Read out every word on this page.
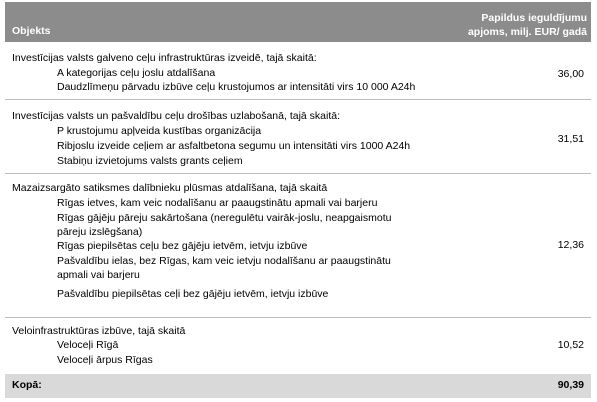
Objekts
Papildus ieguldījumu
apjoms, milj. EUR/ gadā
Investīcijas valsts galveno ceļu infrastruktūras izveidē, tajā skaitā:
A kategorijas ceļu joslu atdalīšana
Daudzlīmeņu pārvadu izbūve ceļu krustojumos ar intensitāti virs 10 000 A24h
36,00
Investīcijas valsts un pašvaldību ceļu drošības uzlabošanā, tajā skaitā:
P krustojumu apļveida kustības organizācija
Ribjoslu izveide ceļiem ar asfaltbetona segumu un intensitāti virs 1000 A24h
Stabiņu izvietojums valsts grants ceļiem
31,51
Mazaizsargāto satiksmes dalībnieku plūsmas atdalīšana, tajā skaitā
Rīgas ietves, kam veic nodalīšanu ar paaugstinātu apmali vai barjeru
Rīgas gājēju pāreju sakārtošana (neregulētu vairāk-joslu, neapgaismotu
pāreju izslēgšana)
Rīgas piepilsētas ceļu bez gājēju ietvēm, ietvju izbūve
Pašvaldību ielas, bez Rīgas, kam veic ietvju nodalīšanu ar paaugstinātu
apmali vai barjeru
Pašvaldību piepilsētas ceļi bez gājēju ietvēm, ietvju izbūve
12,36
Veloinfrastruktūras izbūve, tajā skaitā
Veloceļi Rīgā
Veloceļi ārpus Rīgas
10,52
Kopā:	90,39
